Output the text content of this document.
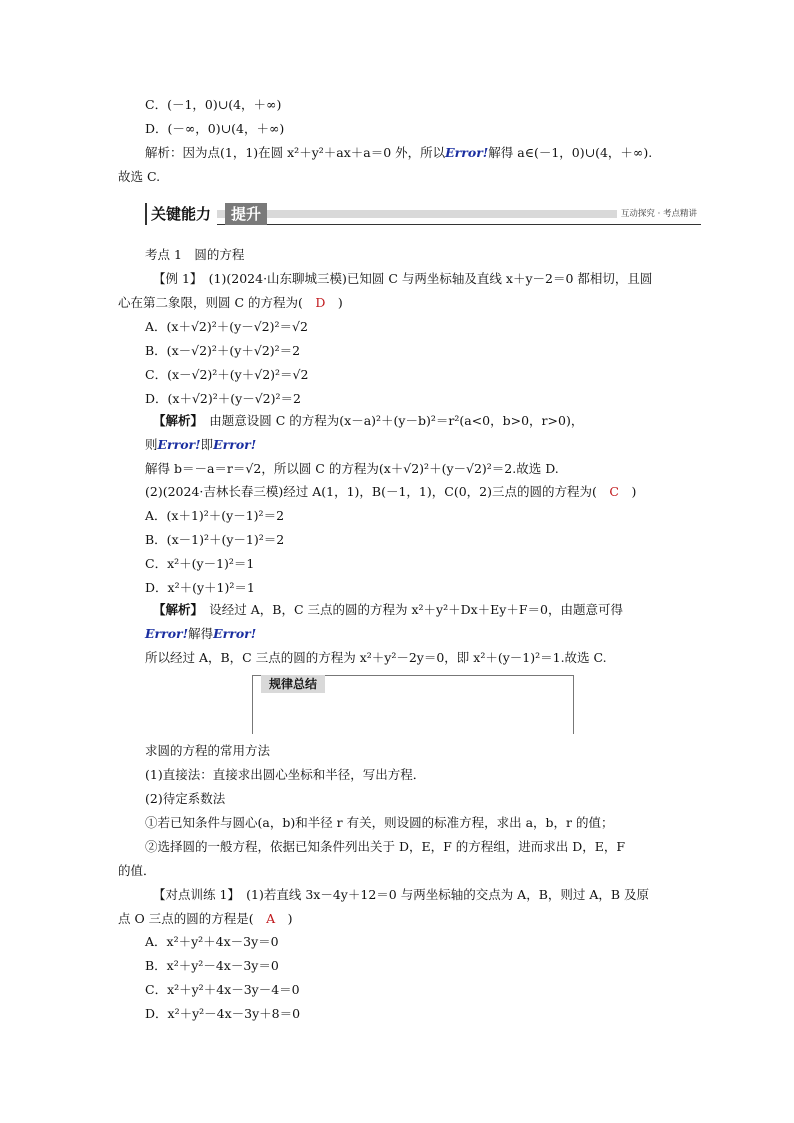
C．(－1，0)∪(4，＋∞)
D．(－∞，0)∪(4，＋∞)
解析：因为点(1，1)在圆 x²＋y²＋ax＋a＝0 外，所以Error!解得 a∈(－1，0)∪(4，＋∞).
故选 C.
关键能力	提升	互动探究 · 考点精讲
考点 1　圆的方程
【例 1】　(1)(2024·山东聊城三模)已知圆 C 与两坐标轴及直线 x＋y－2＝0 都相切，且圆
心在第二象限，则圆 C 的方程为(　D　)
A．(x＋√2)²＋(y－√2)²＝√2
B．(x－√2)²＋(y＋√2)²＝2
C．(x－√2)²＋(y＋√2)²＝√2
D．(x＋√2)²＋(y－√2)²＝2
【解析】　由题意设圆 C 的方程为(x－a)²＋(y－b)²＝r²(a<0，b>0，r>0)，
则Error!即Error!
解得 b＝－a＝r＝√2，所以圆 C 的方程为(x＋√2)²＋(y－√2)²＝2.故选 D.
(2)(2024·吉林长春三模)经过 A(1，1)，B(－1，1)，C(0，2)三点的圆的方程为(　C　)
A．(x＋1)²＋(y－1)²＝2
B．(x－1)²＋(y－1)²＝2
C．x²＋(y－1)²＝1
D．x²＋(y＋1)²＝1
【解析】　设经过 A，B，C 三点的圆的方程为 x²＋y²＋Dx＋Ey＋F＝0，由题意可得
Error!解得Error!
所以经过 A，B，C 三点的圆的方程为 x²＋y²－2y＝0，即 x²＋(y－1)²＝1.故选 C.
规律总结
求圆的方程的常用方法
(1)直接法：直接求出圆心坐标和半径，写出方程．
(2)待定系数法
①若已知条件与圆心(a，b)和半径 r 有关，则设圆的标准方程，求出 a，b，r 的值；
②选择圆的一般方程，依据已知条件列出关于 D，E，F 的方程组，进而求出 D，E，F
的值．
【对点训练 1】　(1)若直线 3x－4y＋12＝0 与两坐标轴的交点为 A，B，则过 A，B 及原
点 O 三点的圆的方程是(　A　)
A．x²＋y²＋4x－3y＝0
B．x²＋y²－4x－3y＝0
C．x²＋y²＋4x－3y－4＝0
D．x²＋y²－4x－3y＋8＝0
